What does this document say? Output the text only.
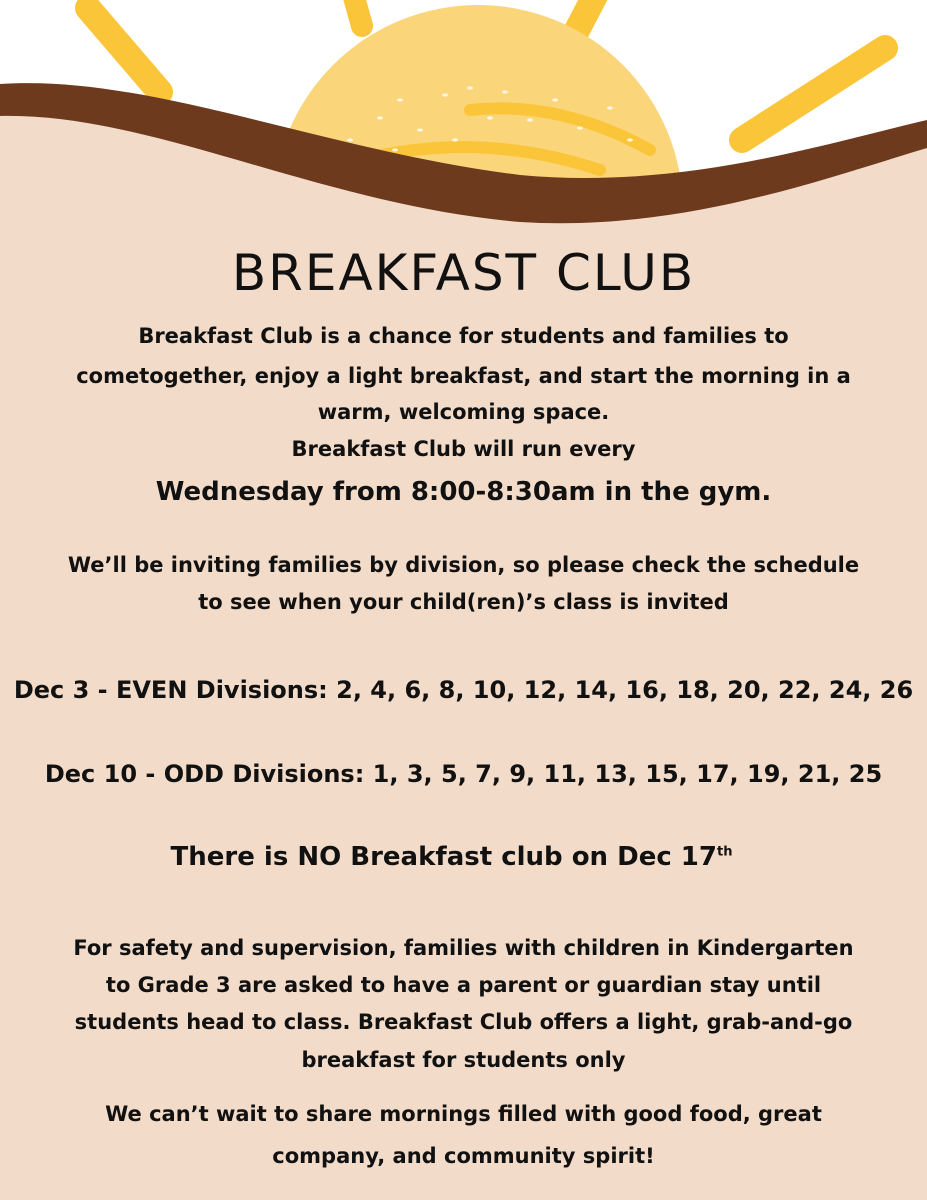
BREAKFAST CLUB

Breakfast Club is a chance for students and families to

cometogether, enjoy a light breakfast, and start the morning in a

warm, welcoming space.

Breakfast Club will run every

Wednesday from 8:00-8:30am in the gym.

We’ll be inviting families by division, so please check the schedule

to see when your child(ren)’s class is invited

Dec 3 - EVEN Divisions: 2, 4, 6, 8, 10, 12, 14, 16, 18, 20, 22, 24, 26

Dec 10 - ODD Divisions: 1, 3, 5, 7, 9, 11, 13, 15, 17, 19, 21, 25

There is NO Breakfast club on Dec 17th

For safety and supervision, families with children in Kindergarten

to Grade 3 are asked to have a parent or guardian stay until

students head to class. Breakfast Club offers a light, grab-and-go

breakfast for students only

We can’t wait to share mornings filled with good food, great

company, and community spirit!
